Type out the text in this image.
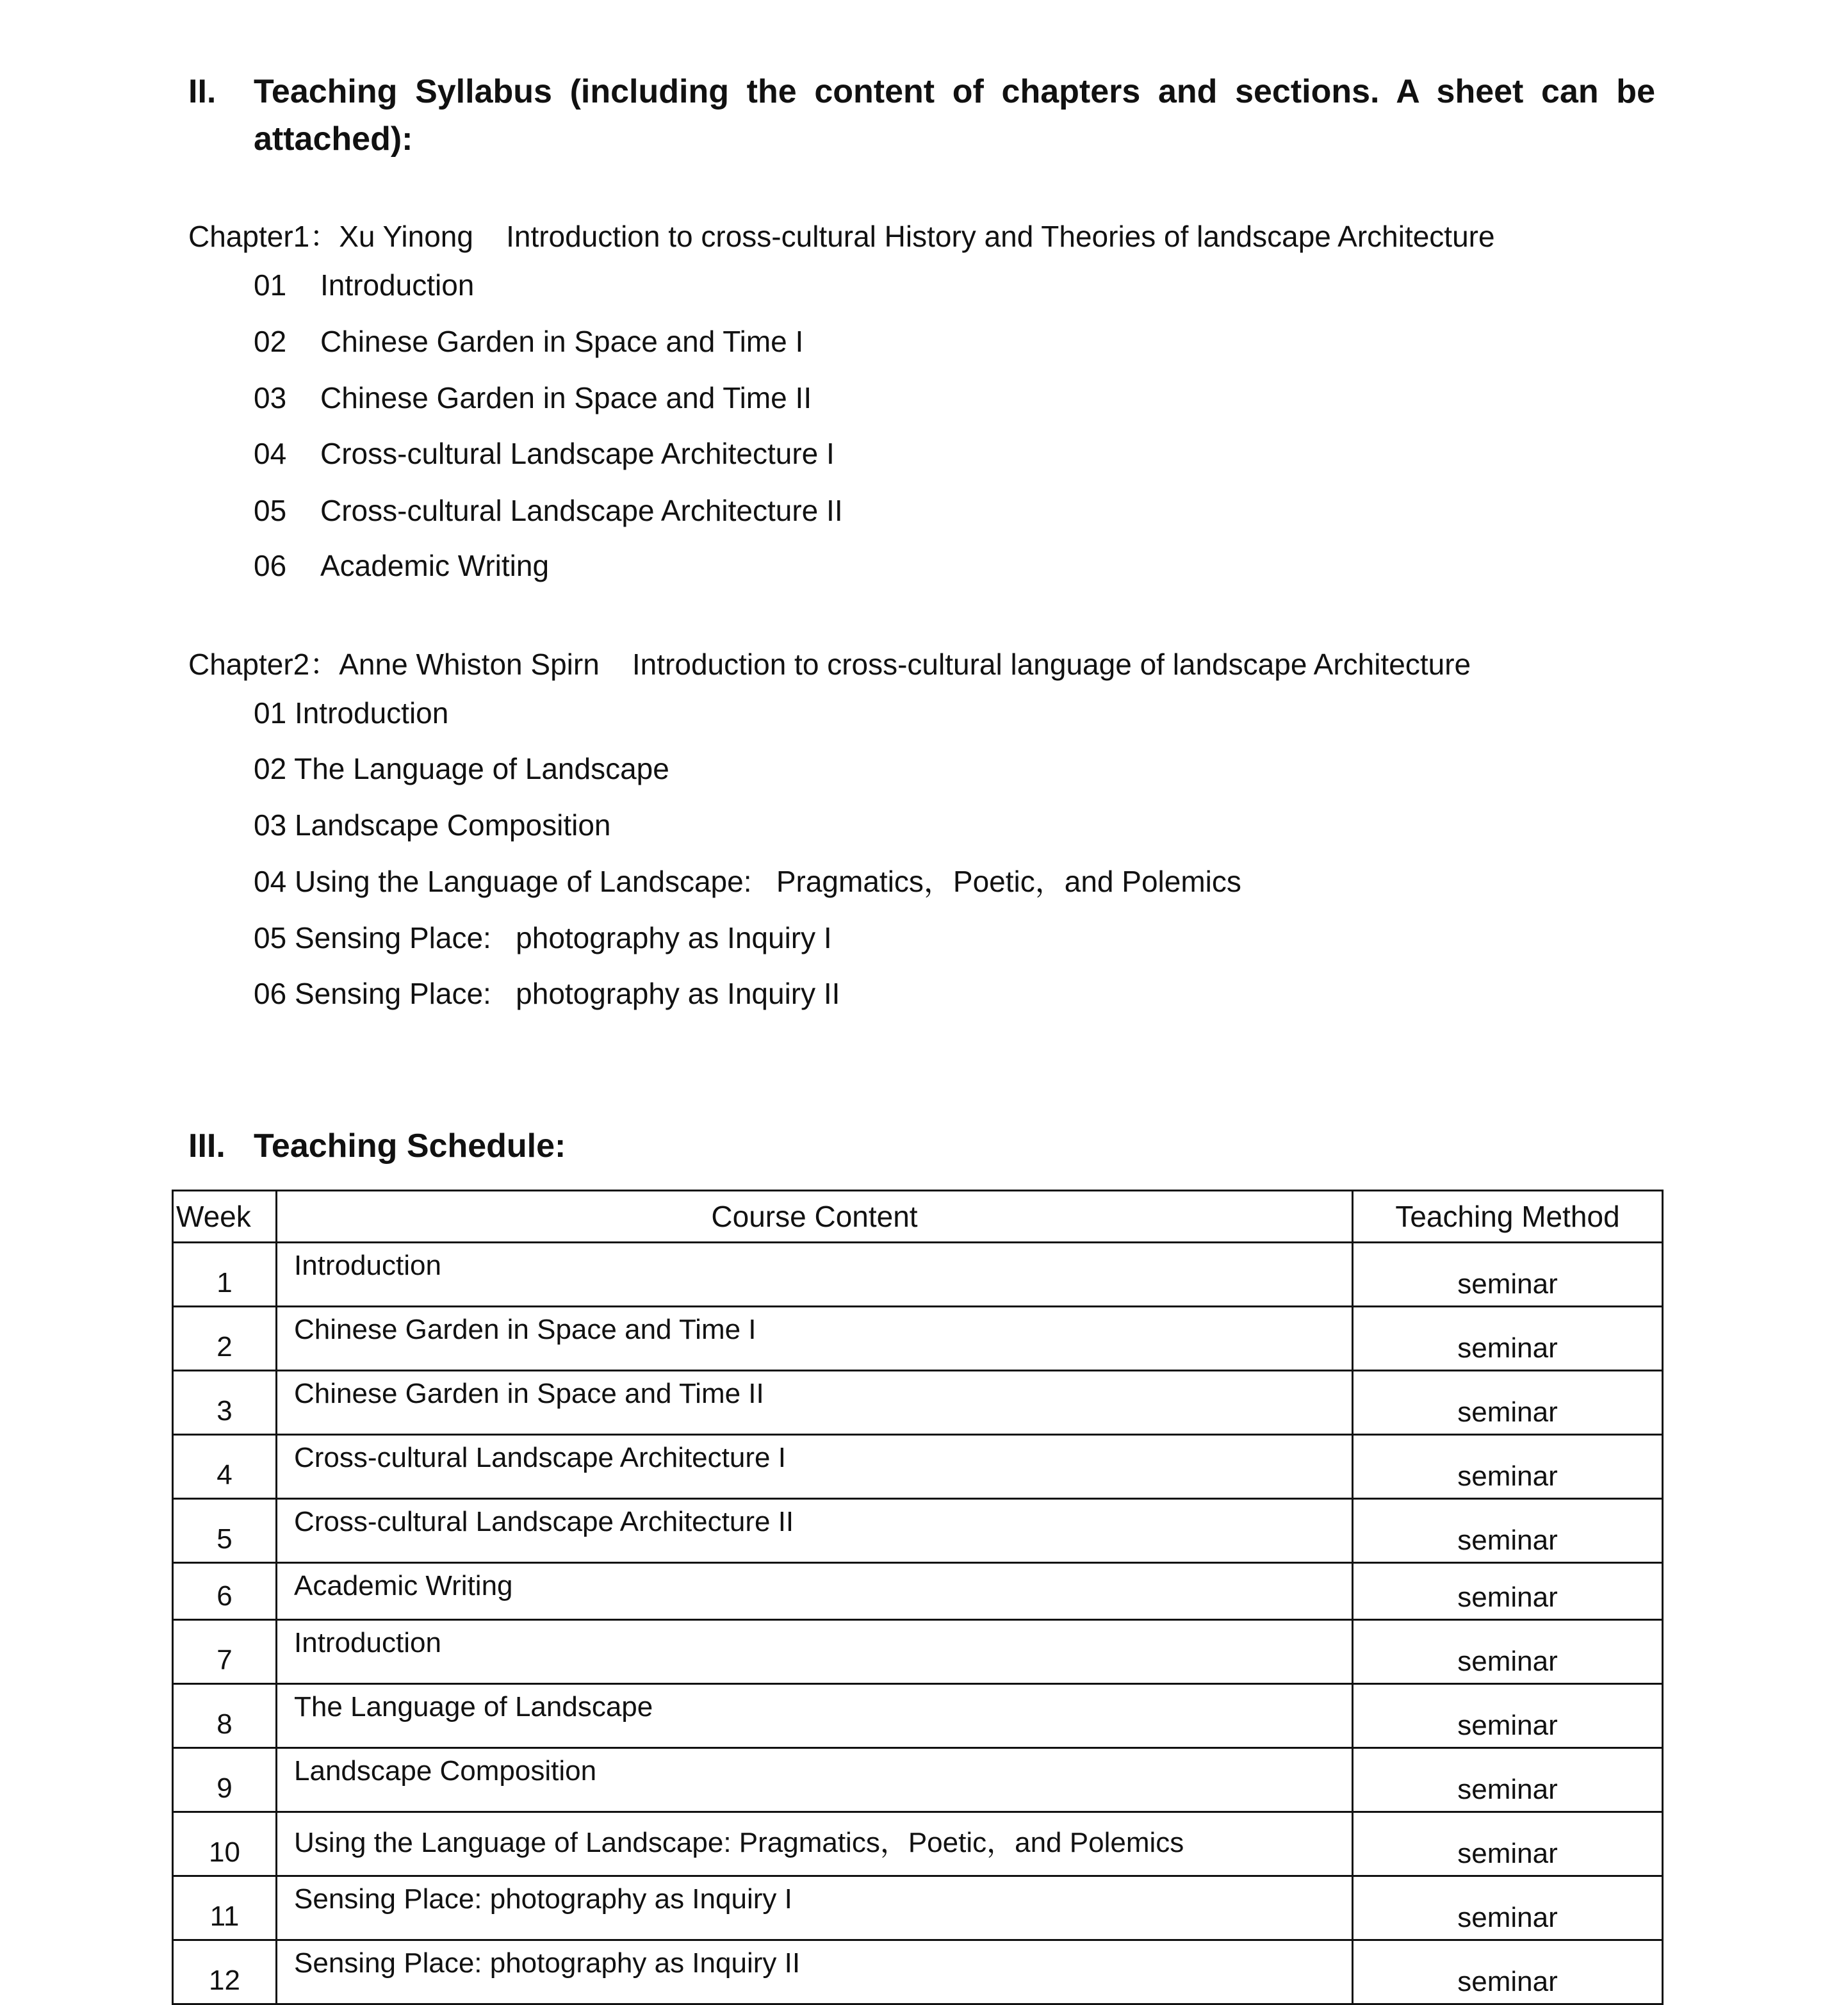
II. Teaching Syllabus (including the content of chapters and sections. A sheet can be attached):
Chapter1：Xu Yinong    Introduction to cross-cultural History and Theories of landscape Architecture
01 Introduction
02 Chinese Garden in Space and Time I
03 Chinese Garden in Space and Time II
04 Cross-cultural Landscape Architecture I
05 Cross-cultural Landscape Architecture II
06 Academic Writing
Chapter2：Anne Whiston Spirn    Introduction to cross-cultural language of landscape Architecture
01 Introduction
02 The Language of Landscape
03 Landscape Composition
04 Using the Language of Landscape:   Pragmatics，Poetic，and Polemics
05 Sensing Place:   photography as Inquiry I
06 Sensing Place:   photography as Inquiry II
III. Teaching Schedule:
Week	Course Content	Teaching Method
1	Introduction	seminar
2	Chinese Garden in Space and Time I	seminar
3	Chinese Garden in Space and Time II	seminar
4	Cross-cultural Landscape Architecture I	seminar
5	Cross-cultural Landscape Architecture II	seminar
6	Academic Writing	seminar
7	Introduction	seminar
8	The Language of Landscape	seminar
9	Landscape Composition	seminar
10	Using the Language of Landscape: Pragmatics，Poetic，and Polemics	seminar
11	Sensing Place: photography as Inquiry I	seminar
12	Sensing Place: photography as Inquiry II	seminar
